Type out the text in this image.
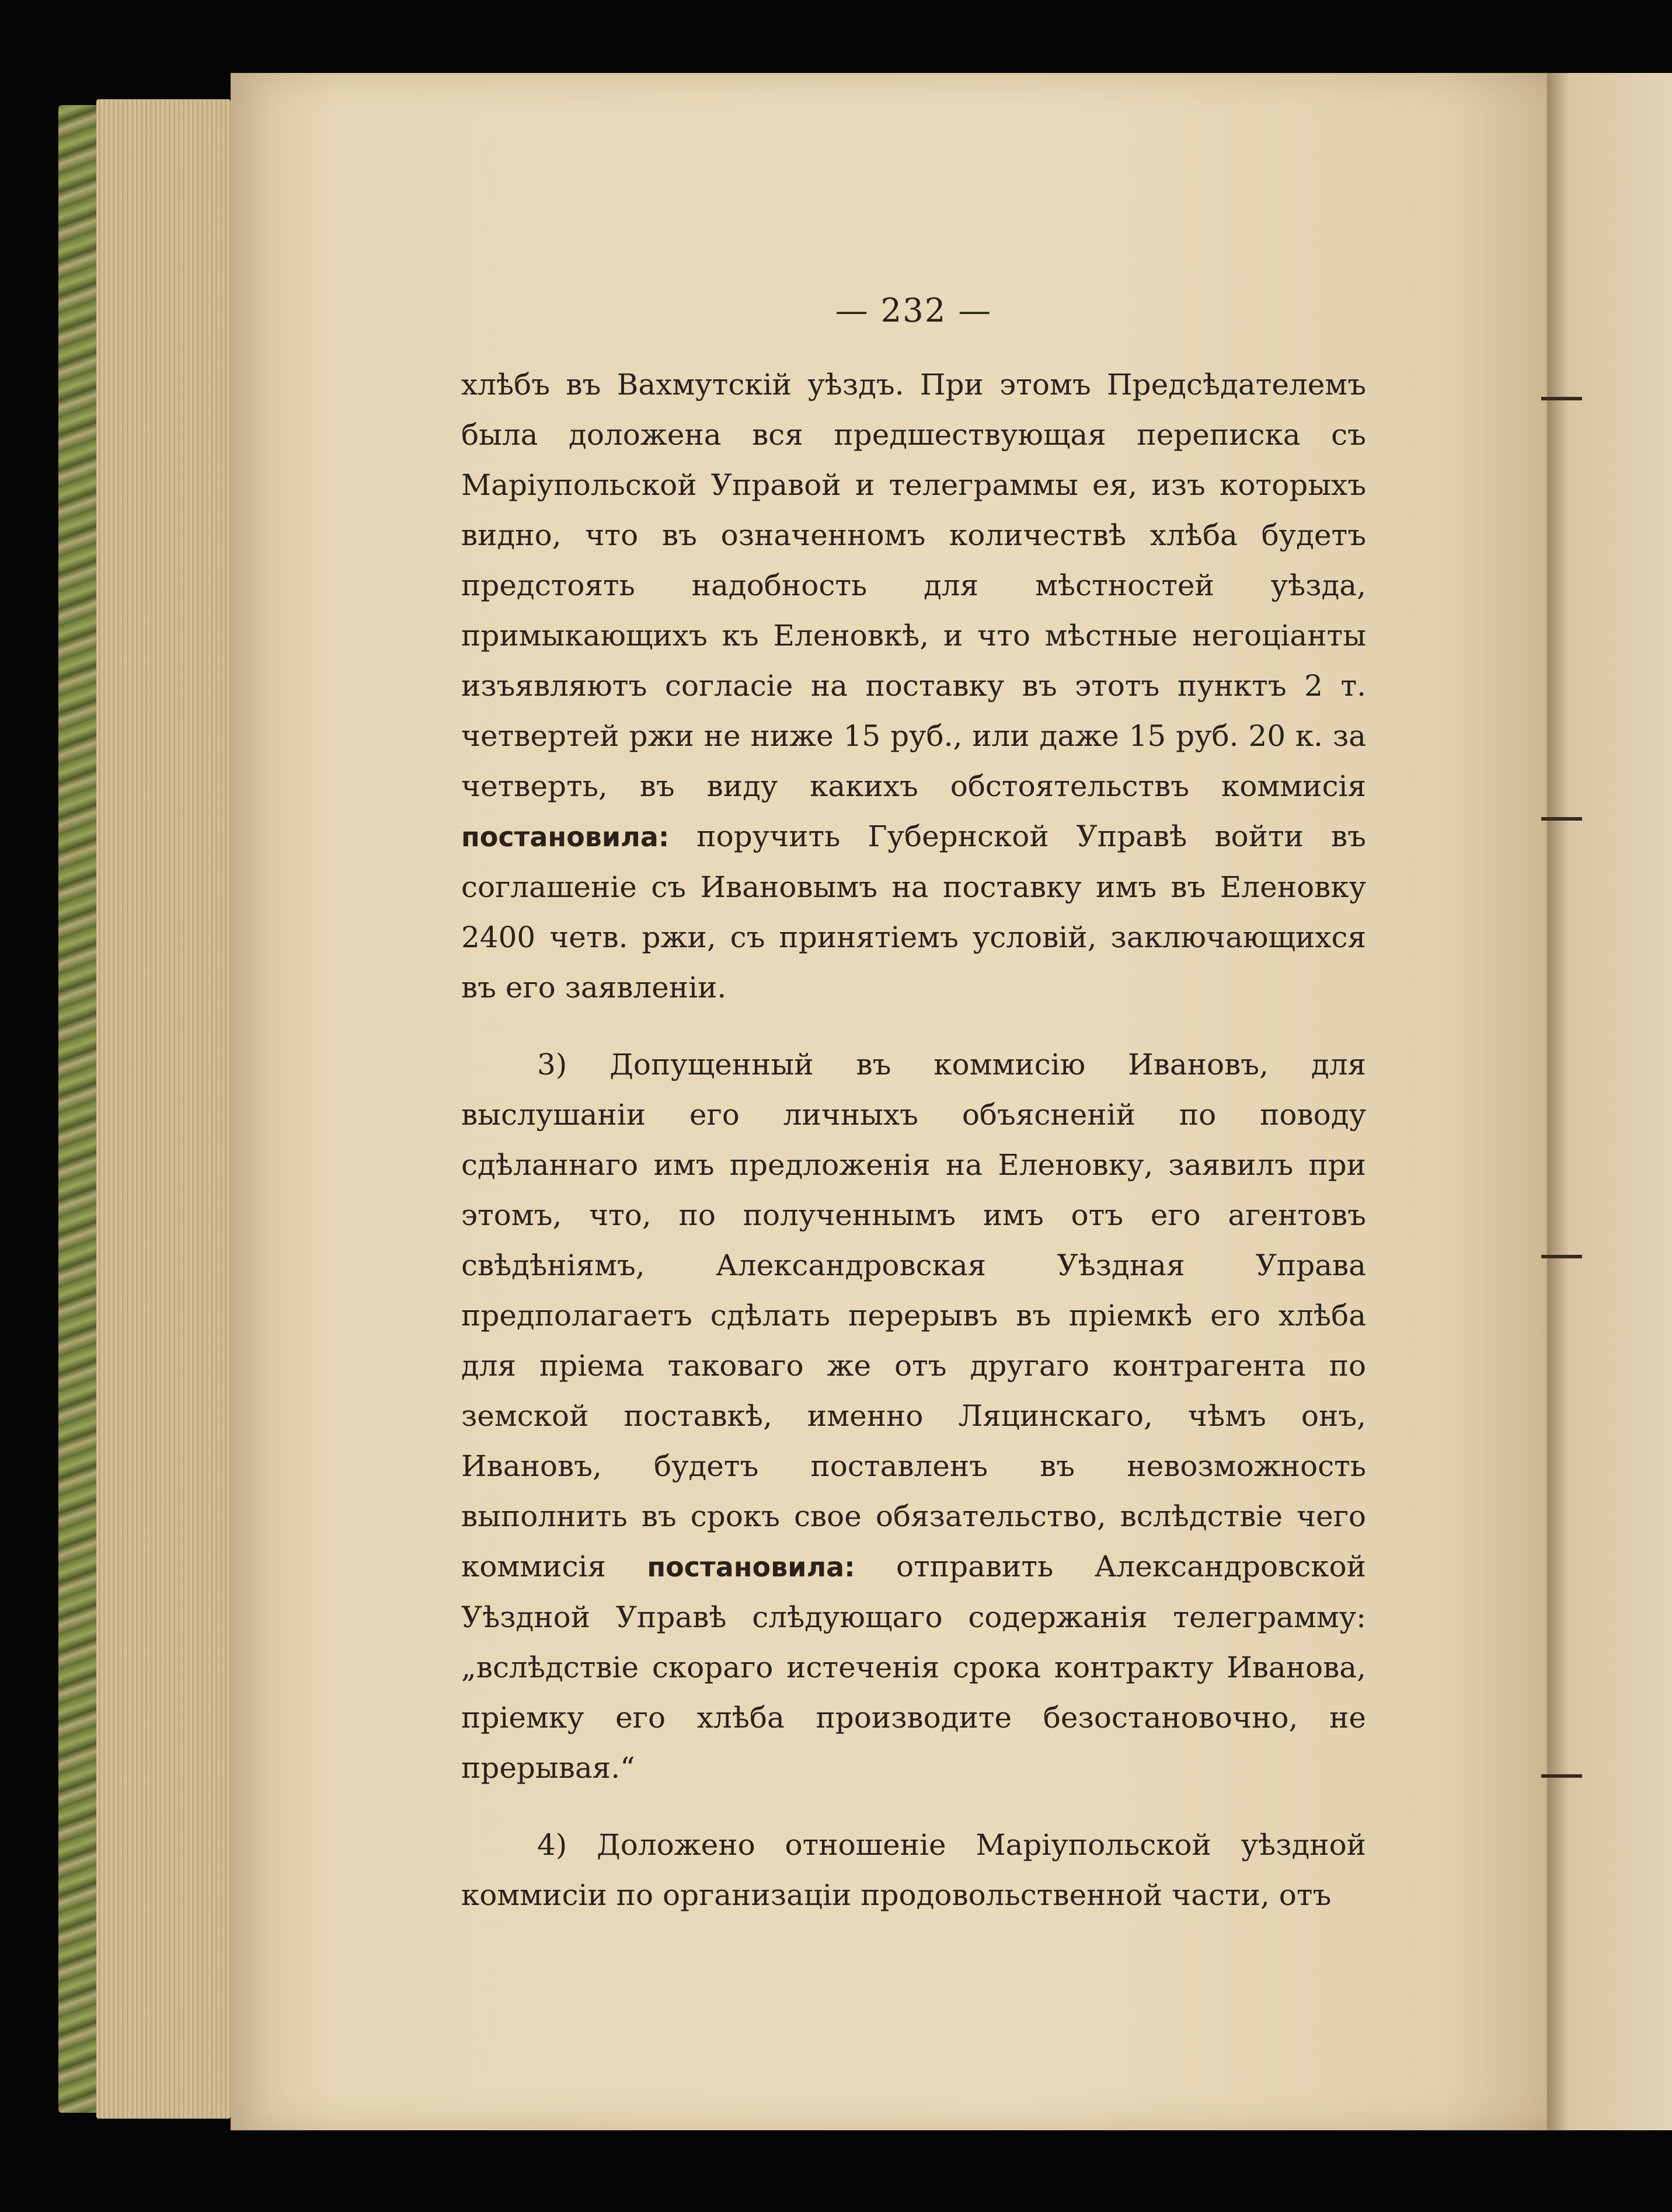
— 232 —

хлѣбъ въ Вахмутскій уѣздъ. При этомъ Предсѣдателемъ была доложена вся предшествующая переписка съ Маріупольской Управой и телеграммы ея, изъ которыхъ видно, что въ означенномъ количествѣ хлѣба будетъ предстоять надобность для мѣстностей уѣзда, примыкающихъ къ Еленовкѣ, и что мѣстные негоціанты изъявляютъ согласіе на поставку въ этотъ пунктъ 2 т. четвертей ржи не ниже 15 руб., или даже 15 руб. 20 к. за четверть, въ виду какихъ обстоятельствъ коммисія постановила: поручить Губернской Управѣ войти въ соглашеніе съ Ивановымъ на поставку имъ въ Еленовку 2400 четв. ржи, съ принятіемъ условій, заключающихся въ его заявленіи.

3) Допущенный въ коммисію Ивановъ, для выслушаніи его личныхъ объясненій по поводу сдѣланнаго имъ предложенія на Еленовку, заявилъ при этомъ, что, по полученнымъ имъ отъ его агентовъ свѣдѣніямъ, Александровская Уѣздная Управа предполагаетъ сдѣлать перерывъ въ пріемкѣ его хлѣба для пріема таковаго же отъ другаго контрагента по земской поставкѣ, именно Ляцинскаго, чѣмъ онъ, Ивановъ, будетъ поставленъ въ невозможность выполнить въ срокъ свое обязательство, вслѣдствіе чего коммисія постановила: отправить Александровской Уѣздной Управѣ слѣдующаго содержанія телеграмму: „вслѣдствіе скораго истеченія срока контракту Иванова, пріемку его хлѣба производите безостановочно, не прерывая.“

4) Доложено отношеніе Маріупольской уѣздной коммисіи по организаціи продовольственной части, отъ
